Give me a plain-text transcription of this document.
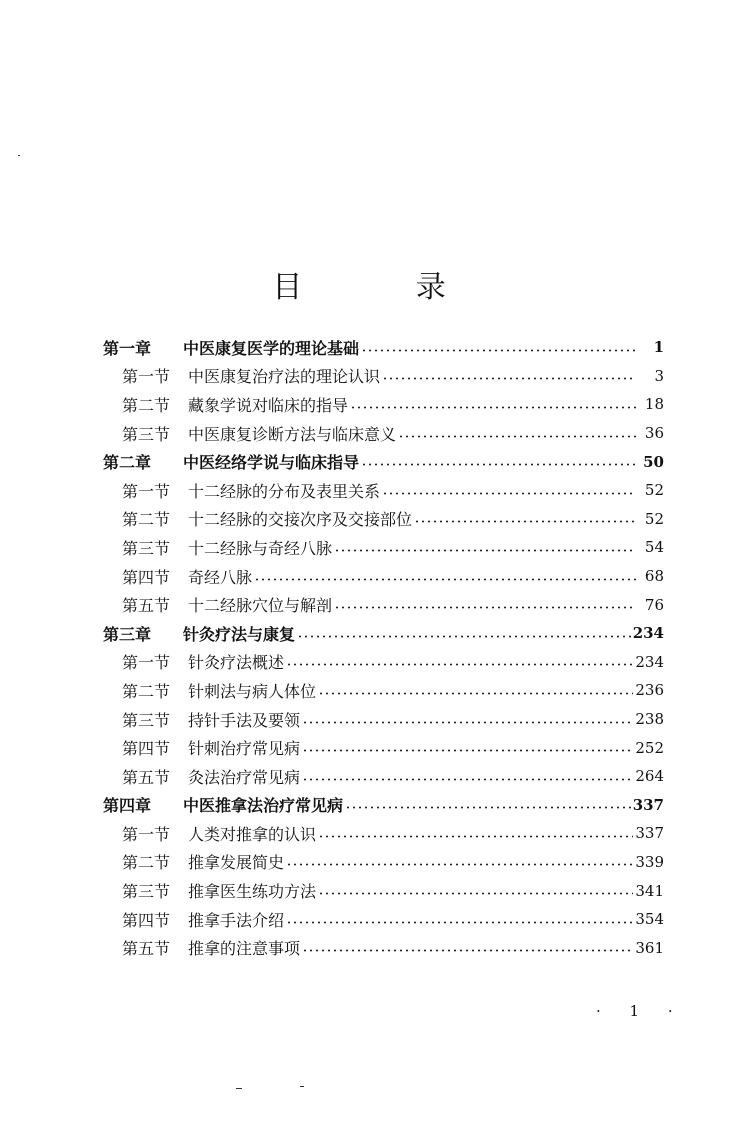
目 录
第一章	中医康复医学的理论基础	1
第一节	中医康复治疗法的理论认识	3
第二节	藏象学说对临床的指导	18
第三节	中医康复诊断方法与临床意义	36
第二章	中医经络学说与临床指导	50
第一节	十二经脉的分布及表里关系	52
第二节	十二经脉的交接次序及交接部位	52
第三节	十二经脉与奇经八脉	54
第四节	奇经八脉	68
第五节	十二经脉穴位与解剖	76
第三章	针灸疗法与康复	234
第一节	针灸疗法概述	234
第二节	针刺法与病人体位	236
第三节	持针手法及要领	238
第四节	针刺治疗常见病	252
第五节	灸法治疗常见病	264
第四章	中医推拿法治疗常见病	337
第一节	人类对推拿的认识	337
第二节	推拿发展简史	339
第三节	推拿医生练功方法	341
第四节	推拿手法介绍	354
第五节	推拿的注意事项	361
· 1 ·
